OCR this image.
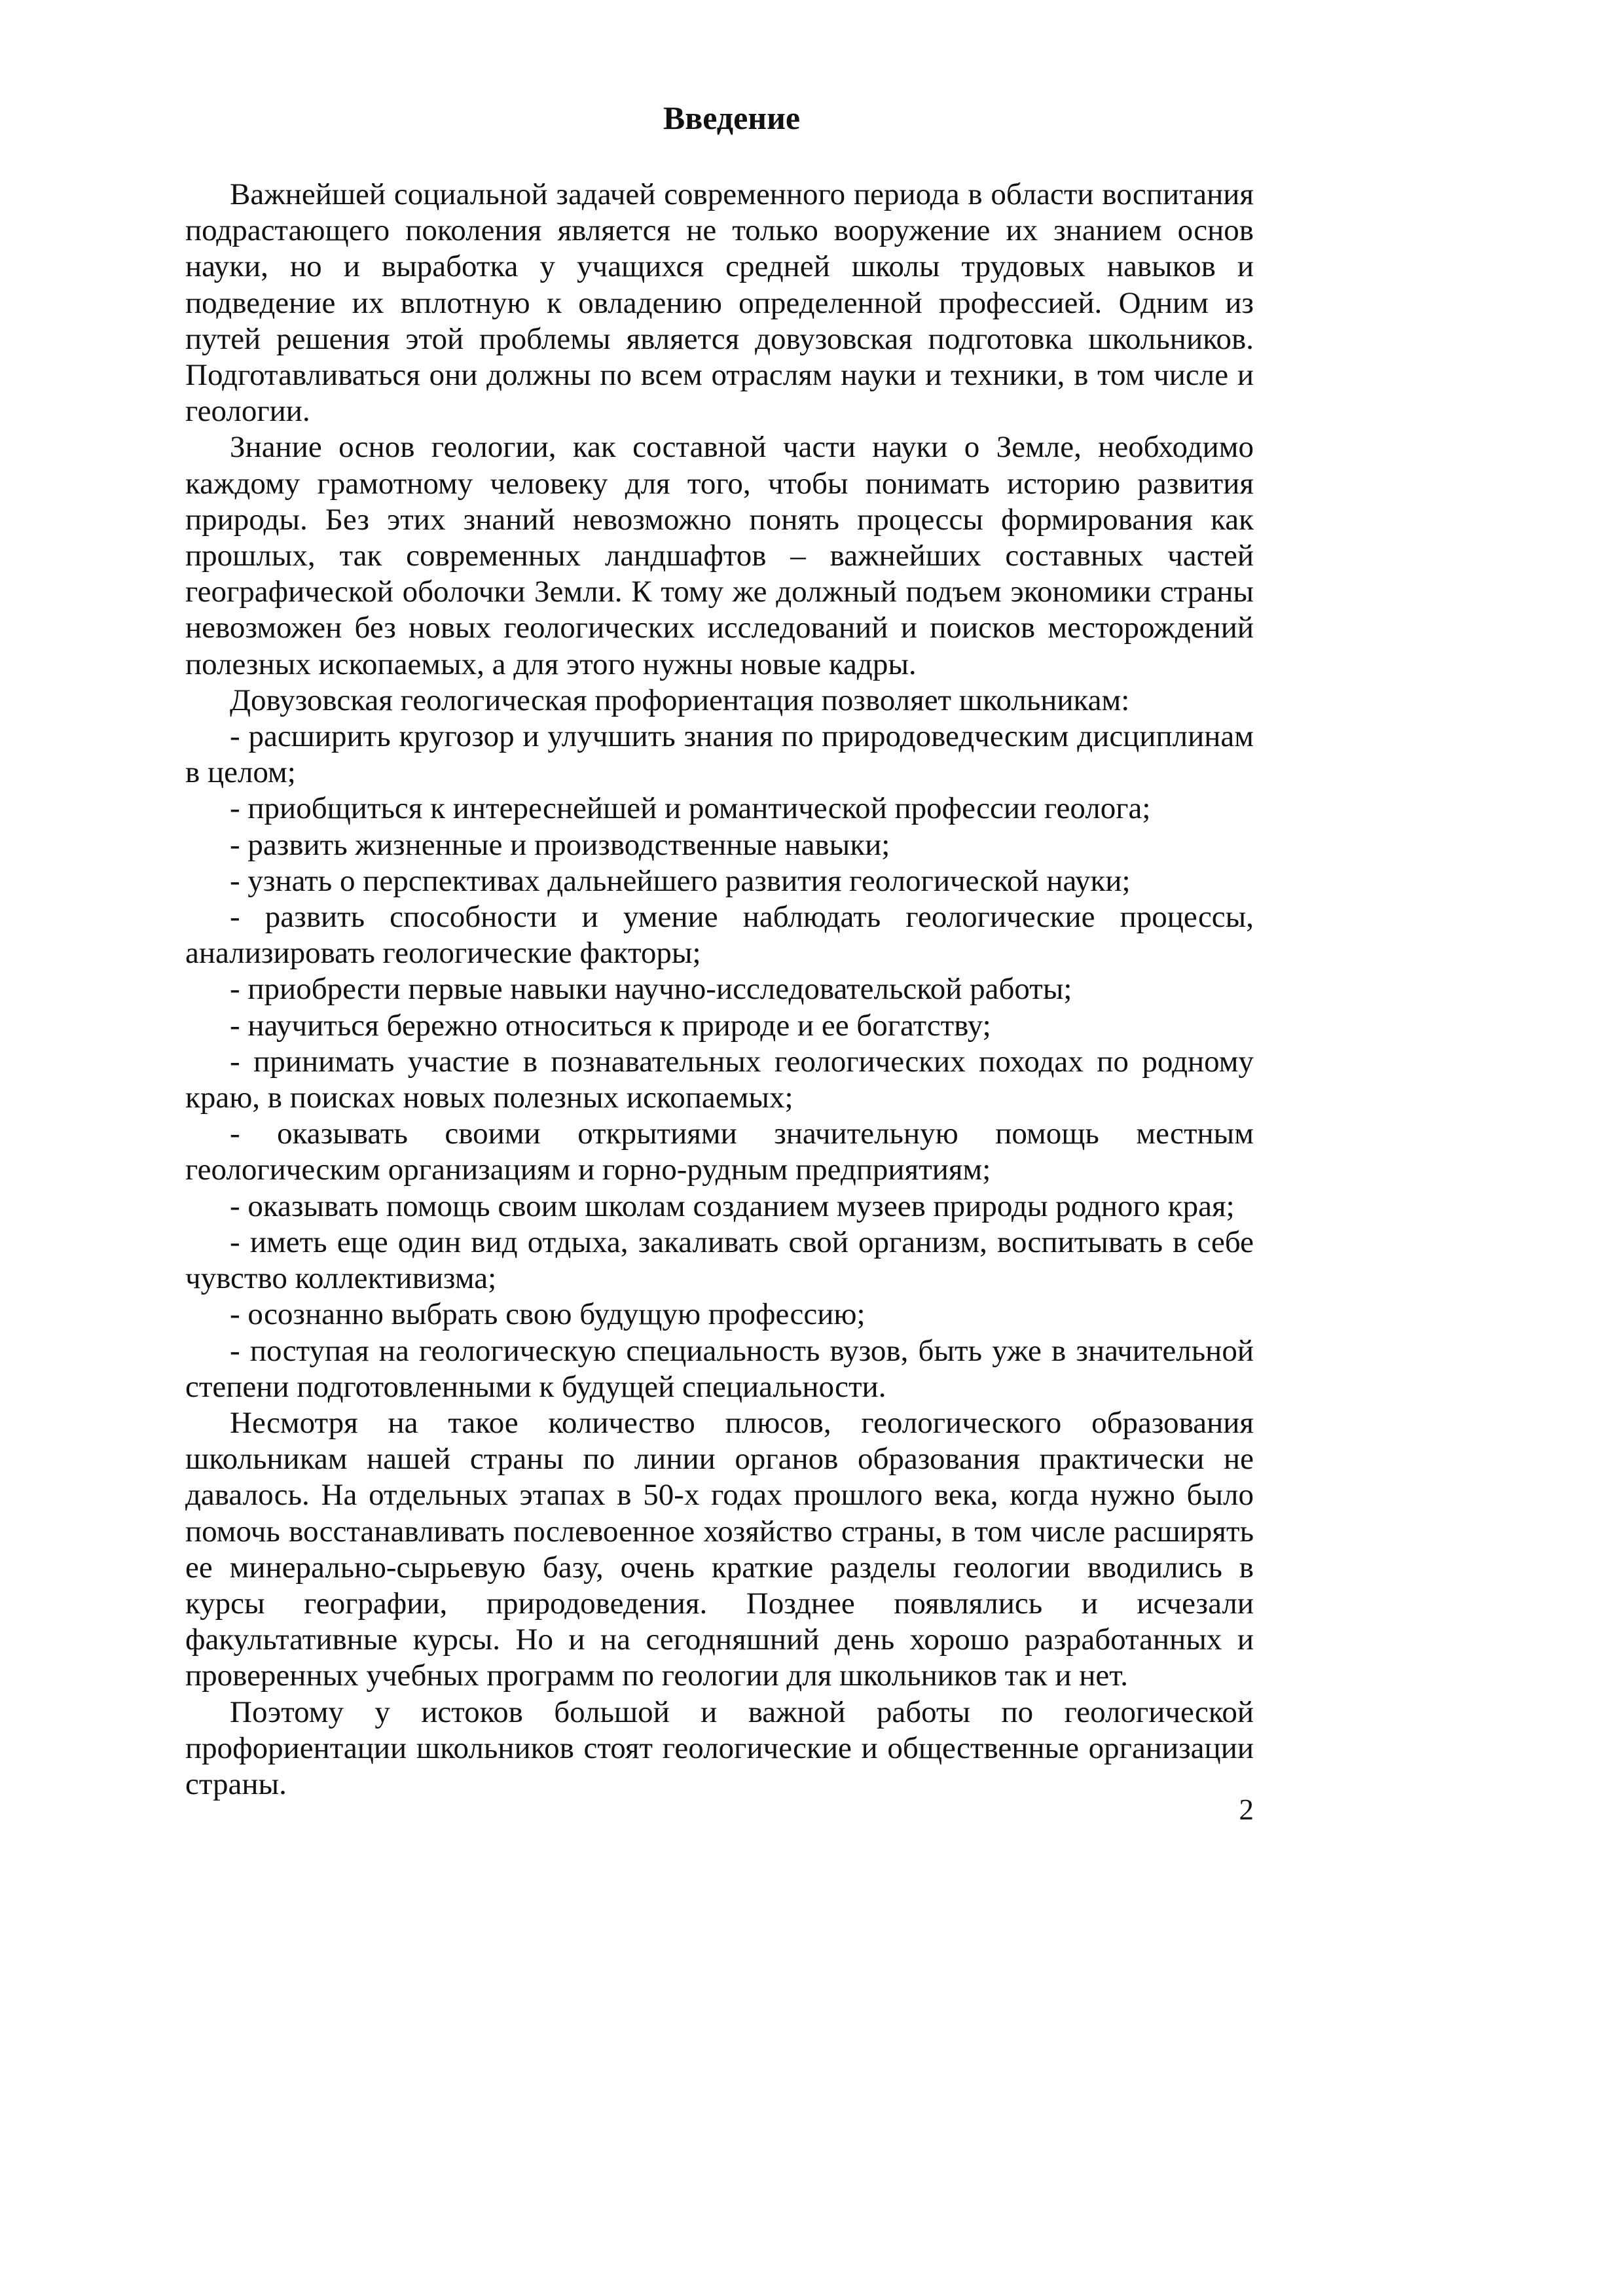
Введение

Важнейшей социальной задачей современного периода в области воспитания подрастающего поколения является не только вооружение их знанием основ науки, но и выработка у учащихся средней школы трудовых навыков и подведение их вплотную к овладению определенной профессией. Одним из путей решения этой проблемы является довузовская подготовка школьников. Подготавливаться они должны по всем отраслям науки и техники, в том числе и геологии.

Знание основ геологии, как составной части науки о Земле, необходимо каждому грамотному человеку для того, чтобы понимать историю развития природы. Без этих знаний невозможно понять процессы формирования как прошлых, так современных ландшафтов – важнейших составных частей географической оболочки Земли. К тому же должный подъем экономики страны невозможен без новых геологических исследований и поисков месторождений полезных ископаемых, а для этого нужны новые кадры.

Довузовская геологическая профориентация позволяет школьникам:

- расширить кругозор и улучшить знания по природоведческим дисциплинам в целом;

- приобщиться к интереснейшей и романтической профессии геолога;

- развить жизненные и производственные навыки;

- узнать о перспективах дальнейшего развития геологической науки;

- развить способности и умение наблюдать геологические процессы, анализировать геологические факторы;

- приобрести первые навыки научно-исследовательской работы;

- научиться бережно относиться к природе и ее богатству;

- принимать участие в познавательных геологических походах по родному краю, в поисках новых полезных ископаемых;

- оказывать своими открытиями значительную помощь местным геологическим организациям и горно-рудным предприятиям;

- оказывать помощь своим школам созданием музеев природы родного края;

- иметь еще один вид отдыха, закаливать свой организм, воспитывать в себе чувство коллективизма;

- осознанно выбрать свою будущую профессию;

- поступая на геологическую специальность вузов, быть уже в значительной степени подготовленными к будущей специальности.

Несмотря на такое количество плюсов, геологического образования школьникам нашей страны по линии органов образования практически не давалось. На отдельных этапах в 50-х годах прошлого века, когда нужно было помочь восстанавливать послевоенное хозяйство страны, в том числе расширять ее минерально-сырьевую базу, очень краткие разделы геологии вводились в курсы географии, природоведения. Позднее появлялись и исчезали факультативные курсы. Но и на сегодняшний день хорошо разработанных и проверенных учебных программ по геологии для школьников так и нет.

Поэтому у истоков большой и важной работы по геологической профориентации школьников стоят геологические и общественные организации страны.

2
